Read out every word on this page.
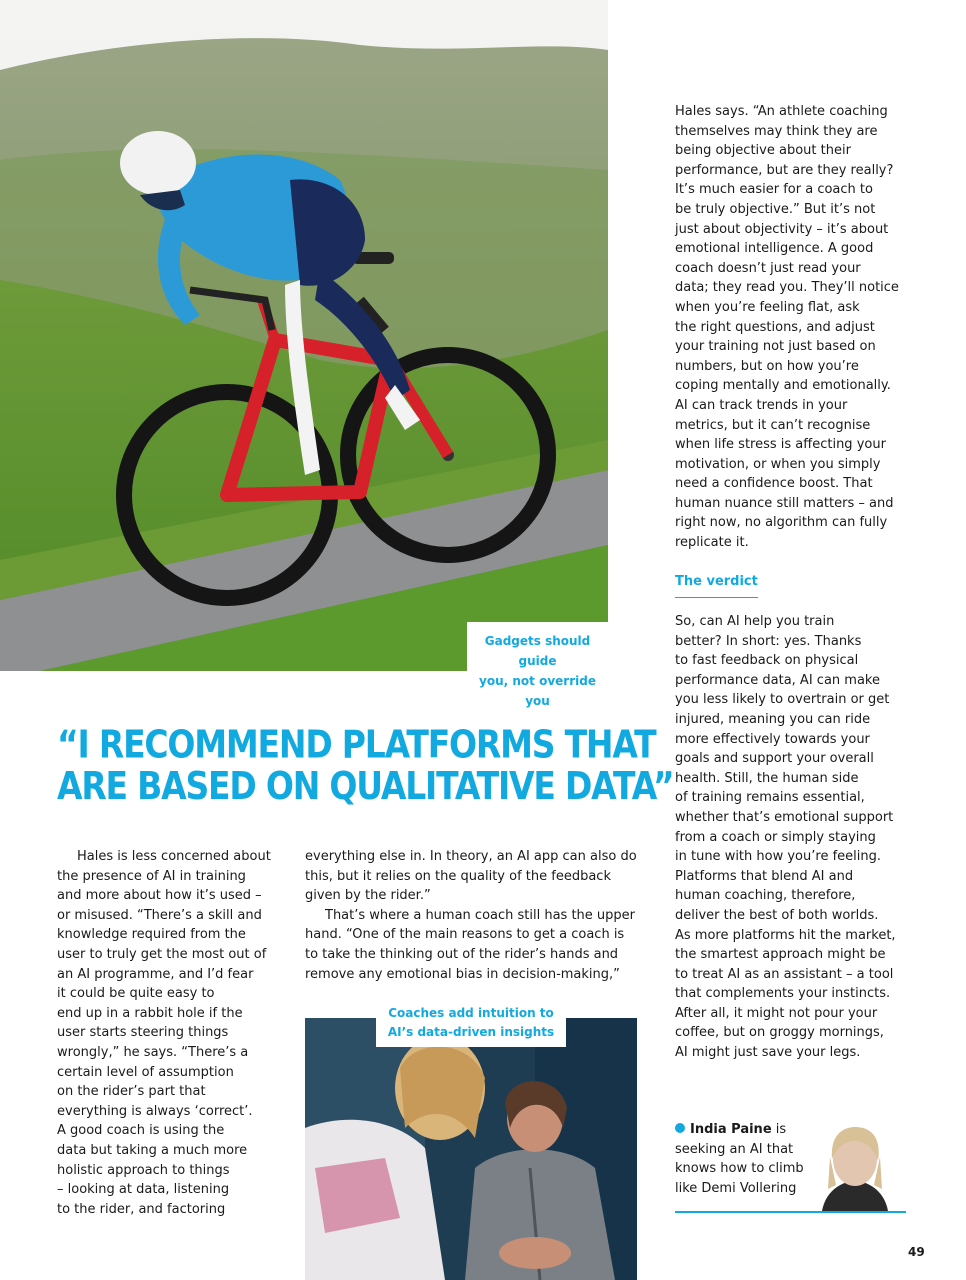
Gadgets should guide
you, not override you
“I RECOMMEND PLATFORMS THAT
ARE BASED ON QUALITATIVE DATA”
Hales is less concerned about
the presence of AI in training
and more about how it’s used –
or misused. “There’s a skill and
knowledge required from the
user to truly get the most out of
an AI programme, and I’d fear
it could be quite easy to
end up in a rabbit hole if the
user starts steering things
wrongly,” he says. “There’s a
certain level of assumption
on the rider’s part that
everything is always ‘correct’.
A good coach is using the
data but taking a much more
holistic approach to things
– looking at data, listening
to the rider, and factoring
everything else in. In theory, an AI app can also do
this, but it relies on the quality of the feedback
given by the rider.”
That’s where a human coach still has the upper
hand. “One of the main reasons to get a coach is
to take the thinking out of the rider’s hands and
remove any emotional bias in decision-making,”
Coaches add intuition to
AI’s data-driven insights
Hales says. “An athlete coaching
themselves may think they are
being objective about their
performance, but are they really?
It’s much easier for a coach to
be truly objective.” But it’s not
just about objectivity – it’s about
emotional intelligence. A good
coach doesn’t just read your
data; they read you. They’ll notice
when you’re feeling flat, ask
the right questions, and adjust
your training not just based on
numbers, but on how you’re
coping mentally and emotionally.
AI can track trends in your
metrics, but it can’t recognise
when life stress is affecting your
motivation, or when you simply
need a confidence boost. That
human nuance still matters – and
right now, no algorithm can fully
replicate it.
The verdict
So, can AI help you train
better? In short: yes. Thanks
to fast feedback on physical
performance data, AI can make
you less likely to overtrain or get
injured, meaning you can ride
more effectively towards your
goals and support your overall
health. Still, the human side
of training remains essential,
whether that’s emotional support
from a coach or simply staying
in tune with how you’re feeling.
Platforms that blend AI and
human coaching, therefore,
deliver the best of both worlds.
As more platforms hit the market,
the smartest approach might be
to treat AI as an assistant – a tool
that complements your instincts.
After all, it might not pour your
coffee, but on groggy mornings,
AI might just save your legs.
India Paine is
seeking an AI that
knows how to climb
like Demi Vollering
49
